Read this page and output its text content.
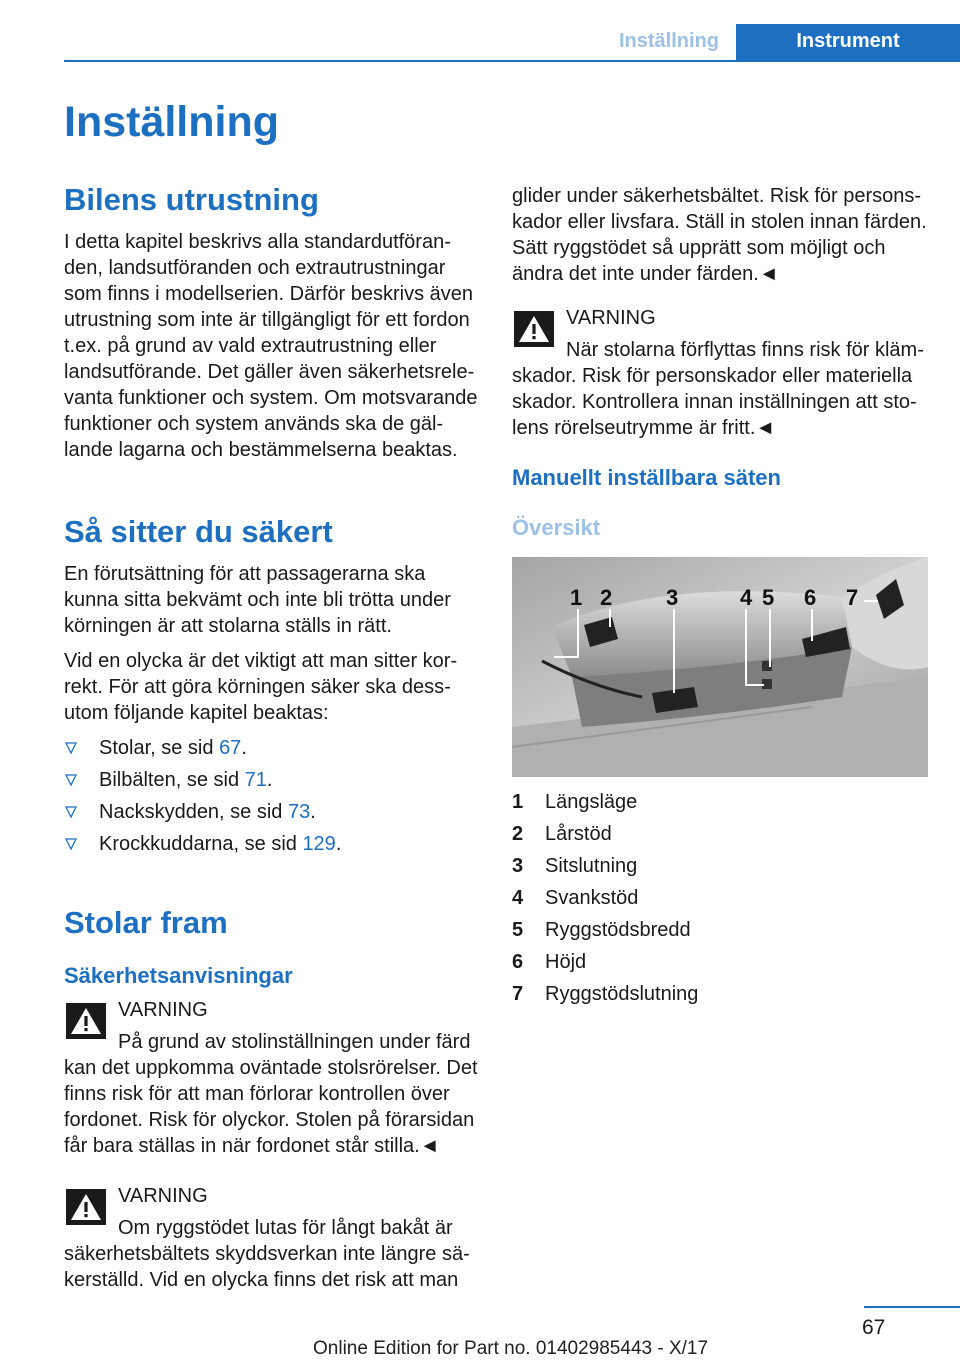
Inställning	Instrument
Inställning
Bilens utrustning

I detta kapitel beskrivs alla standardutföranden, landsutföranden och extrautrustningar som finns i modellserien. Därför beskrivs även utrustning som inte är tillgängligt för ett fordon t.ex. på grund av vald extrautrustning eller landsutförande. Det gäller även säkerhetsrelevanta funktioner och system. Om motsvarande funktioner och system används ska de gällande lagarna och bestämmelserna beaktas.

Så sitter du säkert

En förutsättning för att passagerarna ska kunna sitta bekvämt och inte bli trötta under körningen är att stolarna ställs in rätt.

Vid en olycka är det viktigt att man sitter korrekt. För att göra körningen säker ska dessutom följande kapitel beaktas:

Stolar, se sid 67.
Bilbälten, se sid 71.
Nackskydden, se sid 73.
Krockkuddarna, se sid 129.
Stolar fram
Säkerhetsanvisningar
VARNING

På grund av stolinställningen under färd kan det uppkomma oväntade stolsrörelser. Det finns risk för att man förlorar kontrollen över fordonet. Risk för olyckor. Stolen på förarsidan får bara ställas in när fordonet står stilla.◄

VARNING

Om ryggstödet lutas för långt bakåt är säkerhetsbältets skyddsverkan inte längre säkerställd. Vid en olycka finns det risk att man

glider under säkerhetsbältet. Risk för personskador eller livsfara. Ställ in stolen innan färden. Sätt ryggstödet så upprätt som möjligt och ändra det inte under färden.◄

VARNING

När stolarna förflyttas finns risk för klämskador. Risk för personskador eller materiella skador. Kontrollera innan inställningen att stolens rörelseutrymme är fritt.◄

Manuellt inställbara säten
Översikt
1 2 3	4 5 6 7
1	Längsläge
2	Lårstöd
3	Sitslutning
4	Svankstöd
5	Ryggstödsbredd
6	Höjd
7	Ryggstödslutning
67
Online Edition for Part no. 01402985443 - X/17
